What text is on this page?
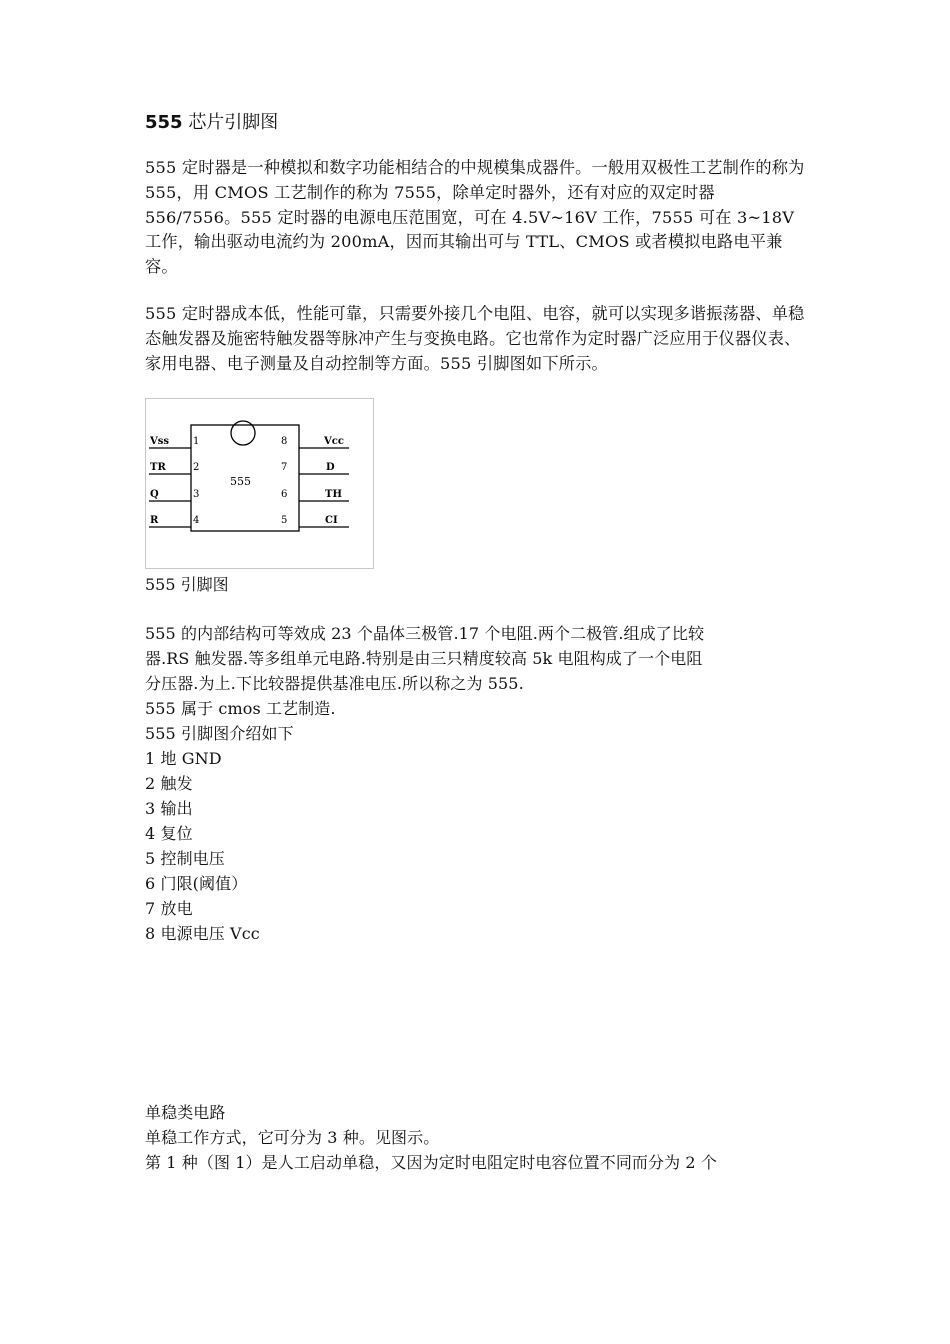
555 芯片引脚图

555 定时器是一种模拟和数字功能相结合的中规模集成器件。一般用双极性工艺制作的称为 555，用 CMOS 工艺制作的称为 7555，除单定时器外，还有对应的双定时器 556/7556。555 定时器的电源电压范围宽，可在 4.5V~16V 工作，7555 可在 3~18V 工作，输出驱动电流约为 200mA，因而其输出可与 TTL、CMOS 或者模拟电路电平兼容。

555 定时器成本低，性能可靠，只需要外接几个电阻、电容，就可以实现多谐振荡器、单稳态触发器及施密特触发器等脉冲产生与变换电路。它也常作为定时器广泛应用于仪器仪表、家用电器、电子测量及自动控制等方面。555 引脚图如下所示。

555
Vss
TR
Q
R
Vcc
D
TH
CI
1
2
3
4
8
7
6
5
555 引脚图

555 的内部结构可等效成 23 个晶体三极管.17 个电阻.两个二极管.组成了比较

器.RS 触发器.等多组单元电路.特别是由三只精度较高 5k 电阻构成了一个电阻

分压器.为上.下比较器提供基准电压.所以称之为 555.

555 属于 cmos 工艺制造.

555 引脚图介绍如下

1 地 GND

2 触发

3 输出

4 复位

5 控制电压

6 门限(阈值）

7 放电

8 电源电压 Vcc

单稳类电路

单稳工作方式，它可分为 3 种。见图示。

第 1 种（图 1）是人工启动单稳，又因为定时电阻定时电容位置不同而分为 2 个
